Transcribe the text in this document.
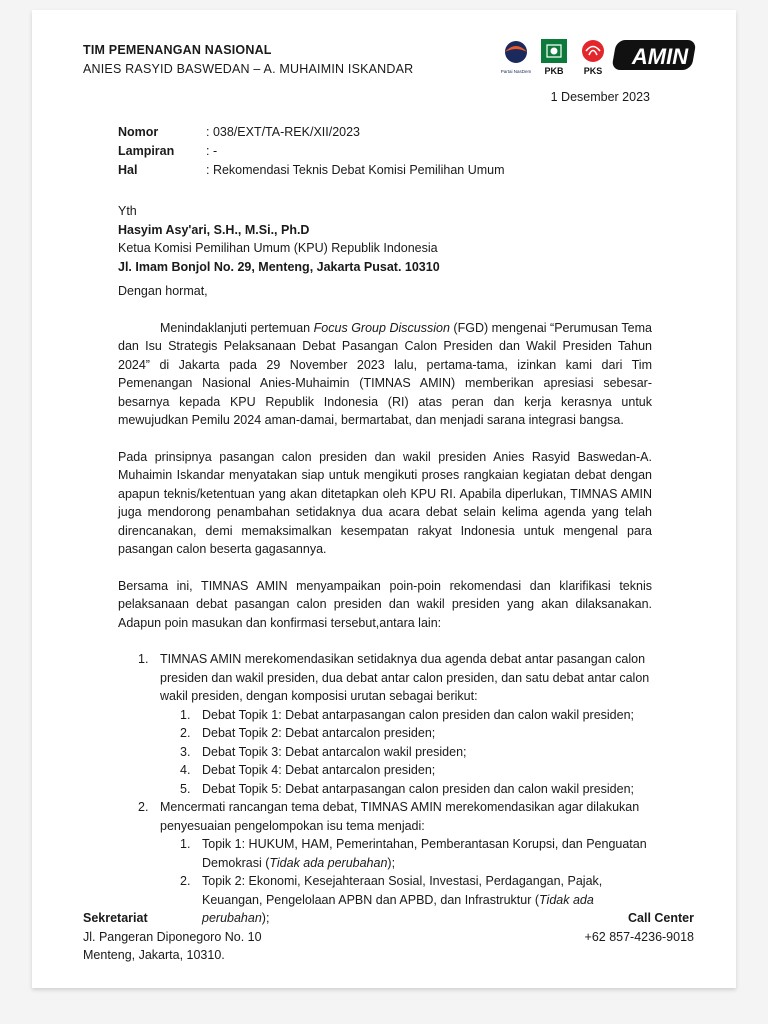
TIM PEMENANGAN NASIONAL
ANIES RASYID BASWEDAN – A. MUHAIMIN ISKANDAR	Partai NasDem PKB PKS
AMIN
1 Desember 2023
Nomor	: 038/EXT/TA-REK/XII/2023
Lampiran	: -
Hal	: Rekomendasi Teknis Debat Komisi Pemilihan Umum
Yth
Hasyim Asy'ari, S.H., M.Si., Ph.D
Ketua Komisi Pemilihan Umum (KPU) Republik Indonesia
Jl. Imam Bonjol No. 29, Menteng, Jakarta Pusat. 10310

Dengan hormat,

Menindaklanjuti pertemuan Focus Group Discussion (FGD) mengenai “Perumusan Tema dan Isu Strategis Pelaksanaan Debat Pasangan Calon Presiden dan Wakil Presiden Tahun 2024” di Jakarta pada 29 November 2023 lalu, pertama-tama, izinkan kami dari Tim Pemenangan Nasional Anies-Muhaimin (TIMNAS AMIN) memberikan apresiasi sebesar-besarnya kepada KPU Republik Indonesia (RI) atas peran dan kerja kerasnya untuk mewujudkan Pemilu 2024 aman-damai, bermartabat, dan menjadi sarana integrasi bangsa.

Pada prinsipnya pasangan calon presiden dan wakil presiden Anies Rasyid Baswedan-A. Muhaimin Iskandar menyatakan siap untuk mengikuti proses rangkaian kegiatan debat dengan apapun teknis/ketentuan yang akan ditetapkan oleh KPU RI. Apabila diperlukan, TIMNAS AMIN juga mendorong penambahan setidaknya dua acara debat selain kelima agenda yang telah direncanakan, demi memaksimalkan kesempatan rakyat Indonesia untuk mengenal para pasangan calon beserta gagasannya.

Bersama ini, TIMNAS AMIN menyampaikan poin-poin rekomendasi dan klarifikasi teknis pelaksanaan debat pasangan calon presiden dan wakil presiden yang akan dilaksanakan. Adapun poin masukan dan konfirmasi tersebut,antara lain:

1. TIMNAS AMIN merekomendasikan setidaknya dua agenda debat antar pasangan calon presiden dan wakil presiden, dua debat antar calon presiden, dan satu debat antar calon wakil presiden, dengan komposisi urutan sebagai berikut:
1. Debat Topik 1: Debat antarpasangan calon presiden dan calon wakil presiden;
2. Debat Topik 2: Debat antarcalon presiden;
3. Debat Topik 3: Debat antarcalon wakil presiden;
4. Debat Topik 4: Debat antarcalon presiden;
5. Debat Topik 5: Debat antarpasangan calon presiden dan calon wakil presiden;
2. Mencermati rancangan tema debat, TIMNAS AMIN merekomendasikan agar dilakukan penyesuaian pengelompokan isu tema menjadi:
1. Topik 1: HUKUM, HAM, Pemerintahan, Pemberantasan Korupsi, dan Penguatan Demokrasi (Tidak ada perubahan);
2. Topik 2: Ekonomi, Kesejahteraan Sosial, Investasi, Perdagangan, Pajak, Keuangan, Pengelolaan APBN dan APBD, dan Infrastruktur (Tidak ada perubahan);
Sekretariat
Jl. Pangeran Diponegoro No. 10
Menteng, Jakarta, 10310.
Call Center
+62 857-4236-9018
